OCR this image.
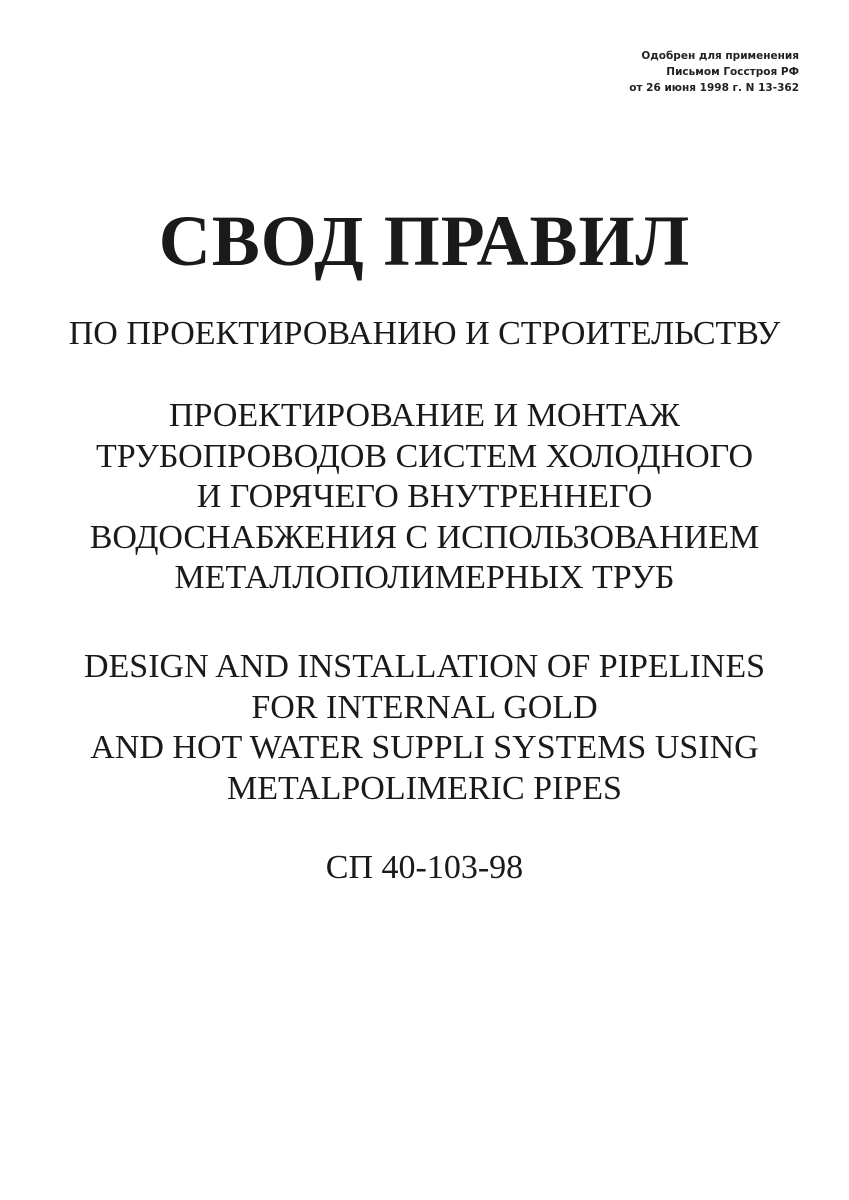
Одобрен для применения
Письмом Госстроя РФ
от 26 июня 1998 г. N 13-362
СВОД ПРАВИЛ
ПО ПРОЕКТИРОВАНИЮ И СТРОИТЕЛЬСТВУ
ПРОЕКТИРОВАНИЕ И МОНТАЖ
ТРУБОПРОВОДОВ СИСТЕМ ХОЛОДНОГО
И ГОРЯЧЕГО ВНУТРЕННЕГО
ВОДОСНАБЖЕНИЯ С ИСПОЛЬЗОВАНИЕМ
МЕТАЛЛОПОЛИМЕРНЫХ ТРУБ
DESIGN AND INSTALLATION OF PIPELINES
FOR INTERNAL GOLD
AND HOT WATER SUPPLI SYSTEMS USING
METALPOLIMERIC PIPES
СП 40-103-98
